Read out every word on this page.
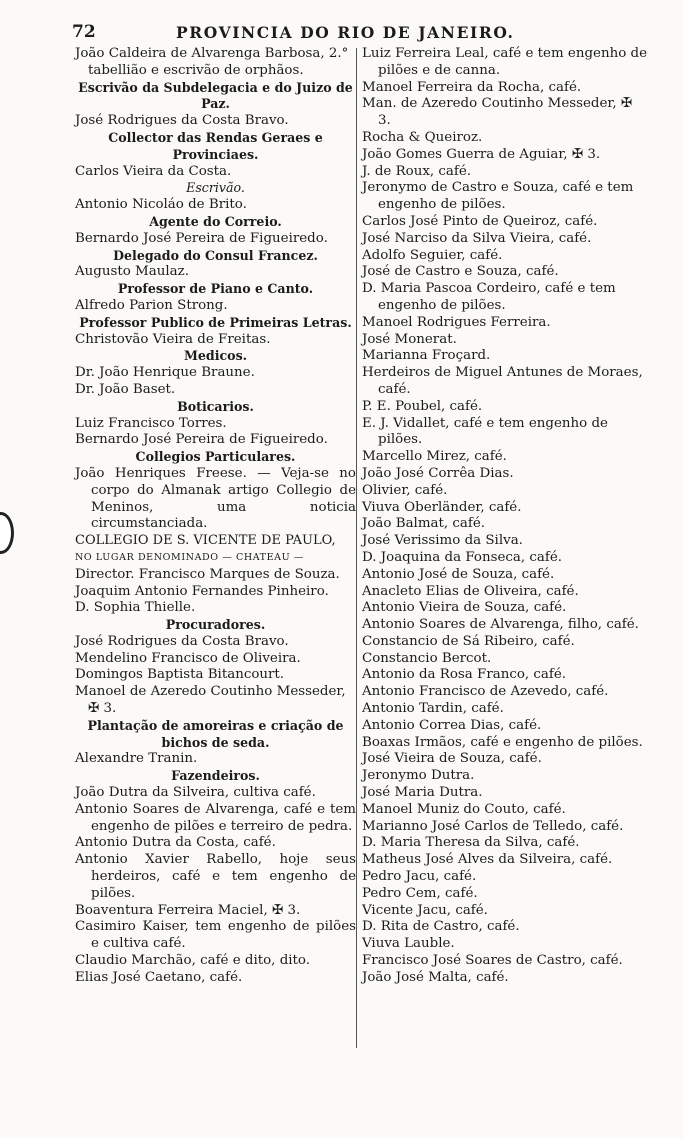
72	PROVINCIA DO RIO DE JANEIRO.
João Caldeira de Alvarenga Barbosa, 2.° tabellião e escrivão de orphãos.
Escrivão da Subdelegacia e do Juizo de Paz.
José Rodrigues da Costa Bravo.
Collector das Rendas Geraes e Provinciaes.
Carlos Vieira da Costa.
Escrivão.
Antonio Nicoláo de Brito.
Agente do Correio.
Bernardo José Pereira de Figueiredo.
Delegado do Consul Francez.
Augusto Maulaz.
Professor de Piano e Canto.
Alfredo Parion Strong.
Professor Publico de Primeiras Letras.
Christovão Vieira de Freitas.
Medicos.
Dr. João Henrique Braune.
Dr. João Baset.
Boticarios.
Luiz Francisco Torres.
Bernardo José Pereira de Figueiredo.
Collegios Particulares.
João Henriques Freese. — Veja-se no corpo do Almanak artigo Collegio de Meninos, uma noticia circumstanciada.
COLLEGIO DE S. VICENTE DE PAULO,
NO LUGAR DENOMINADO — CHATEAU —
Director. Francisco Marques de Souza.
Joaquim Antonio Fernandes Pinheiro.
D. Sophia Thielle.
Procuradores.
José Rodrigues da Costa Bravo.
Mendelino Francisco de Oliveira.
Domingos Baptista Bitancourt.
Manoel de Azeredo Coutinho Messeder, ✠ 3.
Plantação de amoreiras e criação de bichos de seda.
Alexandre Tranin.
Fazendeiros.
João Dutra da Silveira, cultiva café.
Antonio Soares de Alvarenga, café e tem engenho de pilões e terreiro de pedra.
Antonio Dutra da Costa, café.
Antonio Xavier Rabello, hoje seus herdeiros, café e tem engenho de pilões.
Boaventura Ferreira Maciel, ✠ 3.
Casimiro Kaiser, tem engenho de pilões e cultiva café.
Claudio Marchão, café e dito, dito.
Elias José Caetano, café.
Luiz Ferreira Leal, café e tem engenho de pilões e de canna.
Manoel Ferreira da Rocha, café.
Man. de Azeredo Coutinho Messeder, ✠ 3.
Rocha & Queiroz.
João Gomes Guerra de Aguiar, ✠ 3.
J. de Roux, café.
Jeronymo de Castro e Souza, café e tem engenho de pilões.
Carlos José Pinto de Queiroz, café.
José Narciso da Silva Vieira, café.
Adolfo Seguier, café.
José de Castro e Souza, café.
D. Maria Pascoa Cordeiro, café e tem engenho de pilões.
Manoel Rodrigues Ferreira.
José Monerat.
Marianna Froçard.
Herdeiros de Miguel Antunes de Moraes, café.
P. E. Poubel, café.
E. J. Vidallet, café e tem engenho de pilões.
Marcello Mirez, café.
João José Corrêa Dias.
Olivier, café.
Viuva Oberländer, café.
João Balmat, café.
José Verissimo da Silva.
D. Joaquina da Fonseca, café.
Antonio José de Souza, café.
Anacleto Elias de Oliveira, café.
Antonio Vieira de Souza, café.
Antonio Soares de Alvarenga, filho, café.
Constancio de Sá Ribeiro, café.
Constancio Bercot.
Antonio da Rosa Franco, café.
Antonio Francisco de Azevedo, café.
Antonio Tardin, café.
Antonio Correa Dias, café.
Boaxas Irmãos, café e engenho de pilões.
José Vieira de Souza, café.
Jeronymo Dutra.
José Maria Dutra.
Manoel Muniz do Couto, café.
Marianno José Carlos de Telledo, café.
D. Maria Theresa da Silva, café.
Matheus José Alves da Silveira, café.
Pedro Jacu, café.
Pedro Cem, café.
Vicente Jacu, café.
D. Rita de Castro, café.
Viuva Lauble.
Francisco José Soares de Castro, café.
João José Malta, café.
